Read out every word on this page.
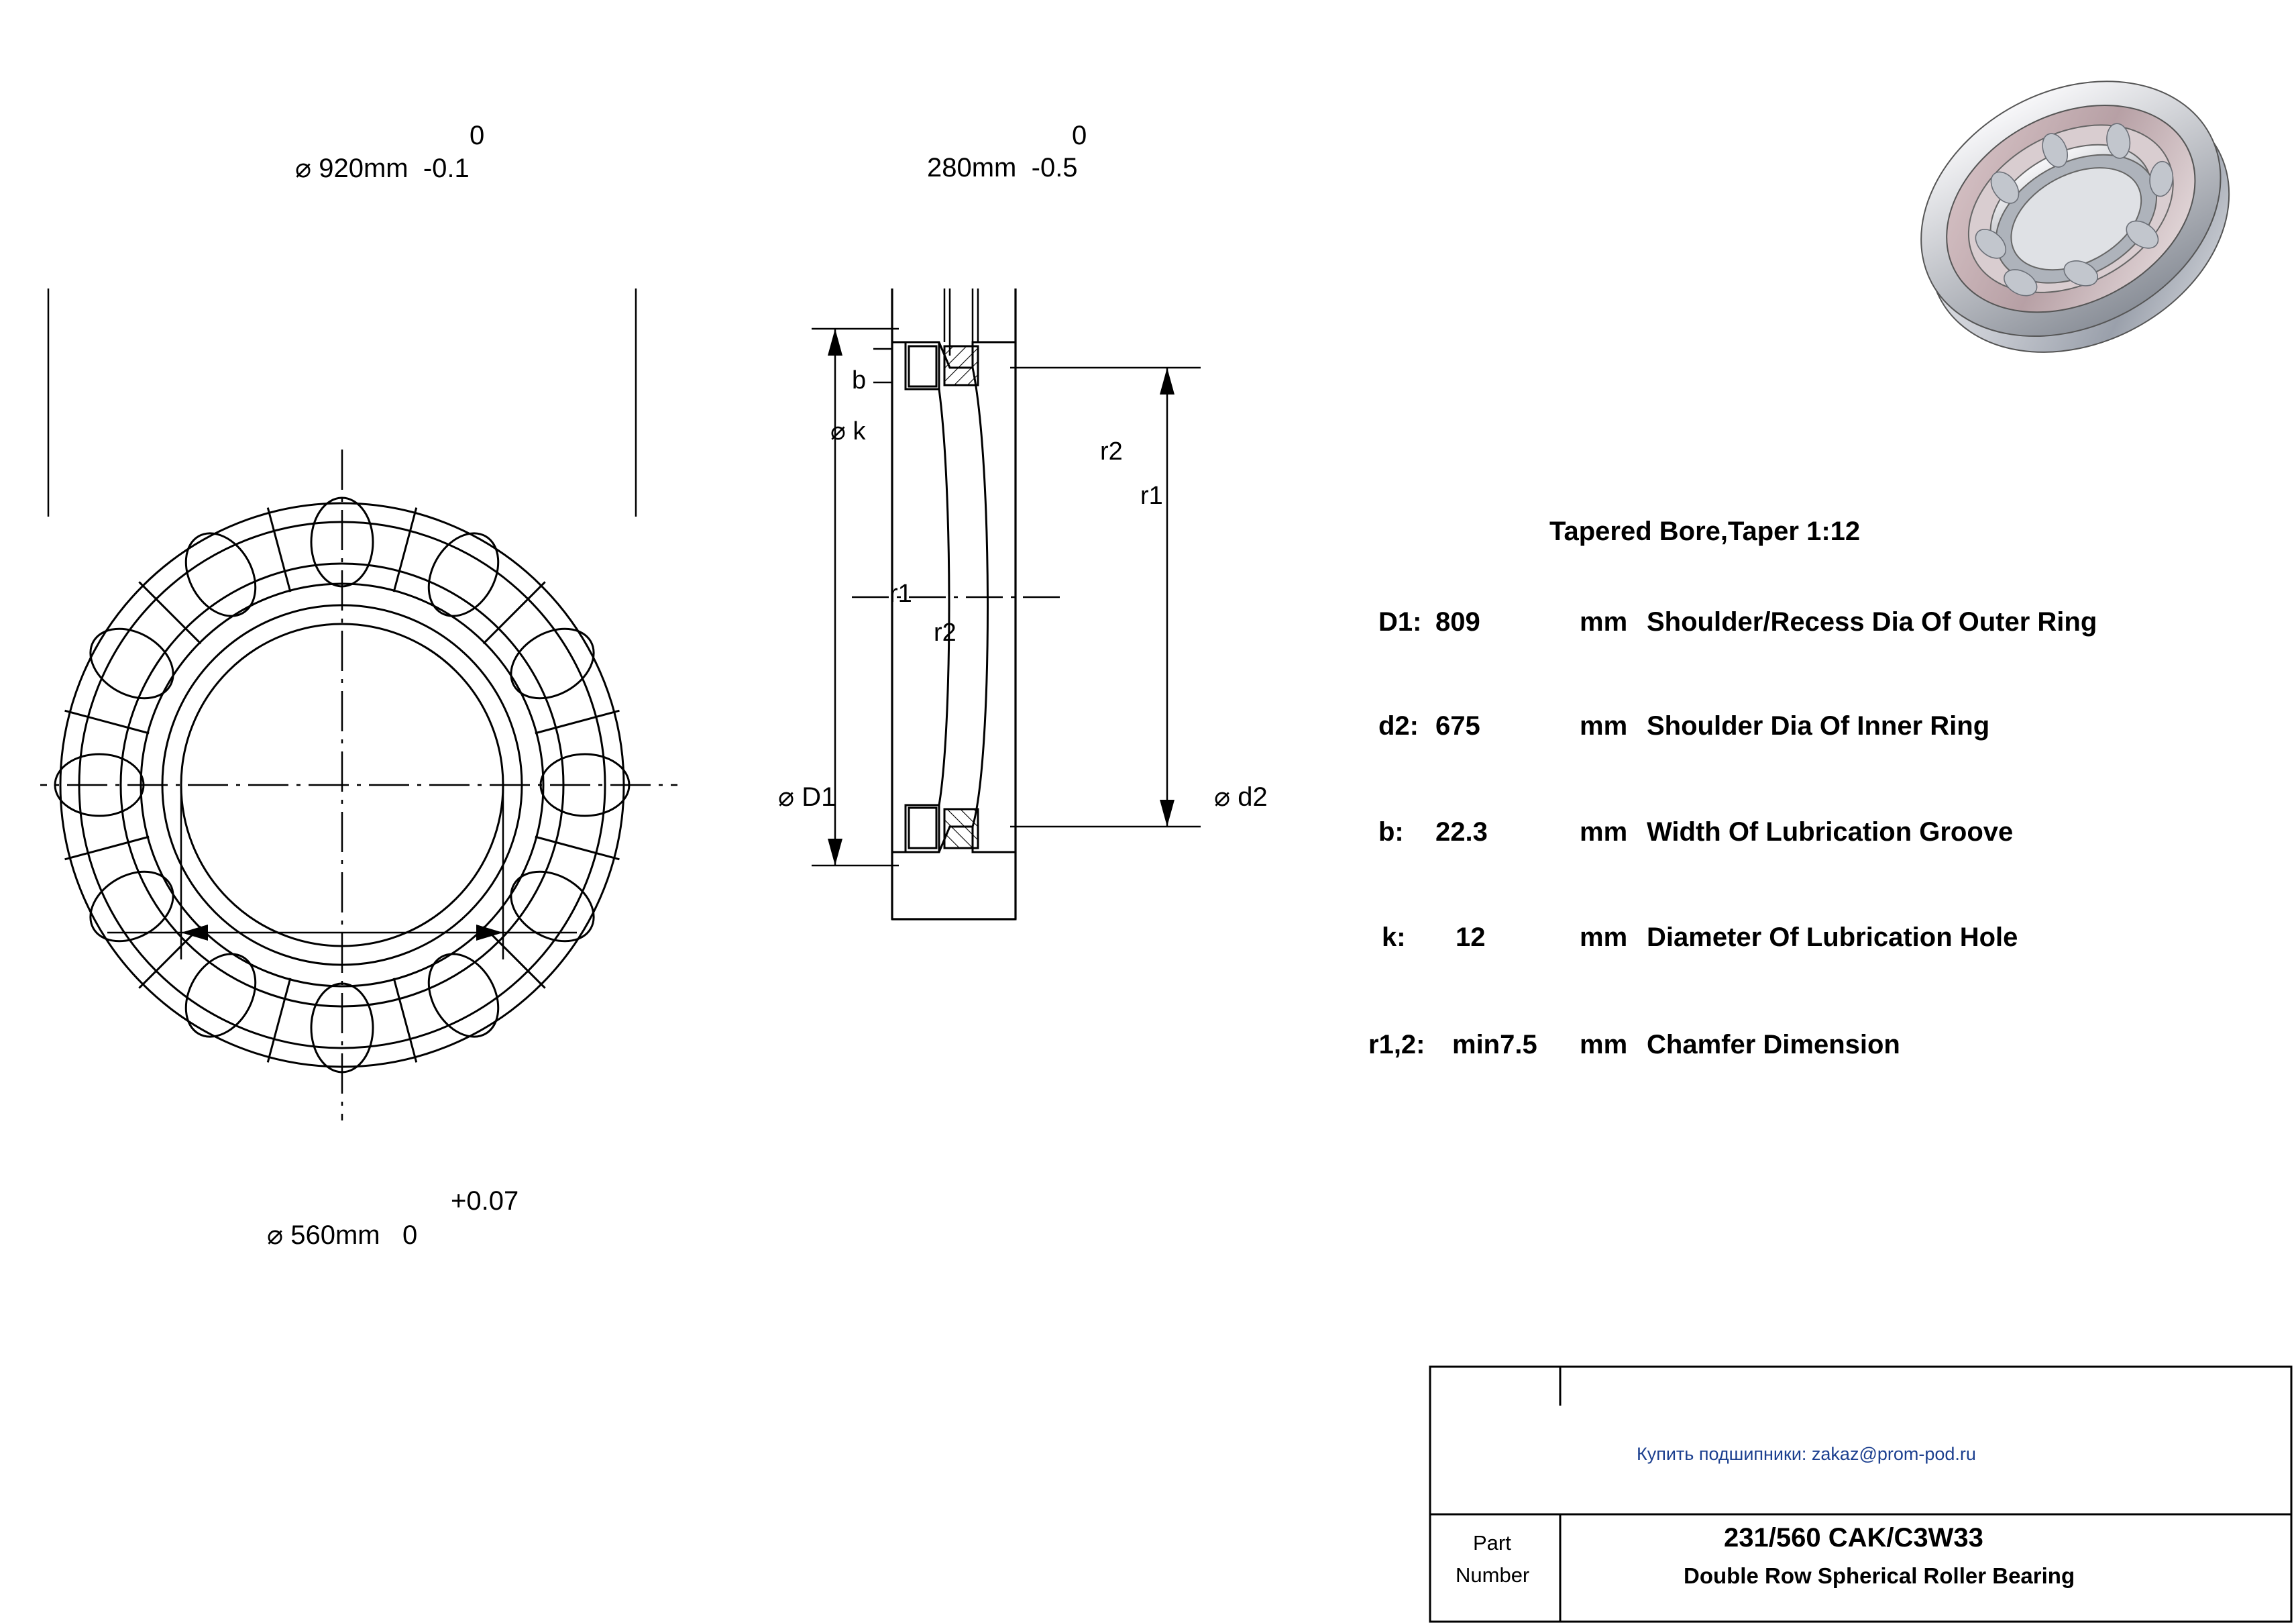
0
⌀ 920mm -0.1
+0.07
⌀ 560mm 0
0
280mm -0.5
b
⌀ k
r2
r1
r1
r2
⌀ D1	⌀ d2
Tapered Bore,Taper 1:12
D1: 809	mm Shoulder/Recess Dia Of Outer Ring
d2: 675	mm Shoulder Dia Of Inner Ring
b: 22.3	mm Width Of Lubrication Groove
k: 12	mm Diameter Of Lubrication Hole
r1,2: min7.5 mm Chamfer Dimension
Купить подшипники: zakaz@prom-pod.ru
Part
Number
231/560 CAK/C3W33
Double Row Spherical Roller Bearing
